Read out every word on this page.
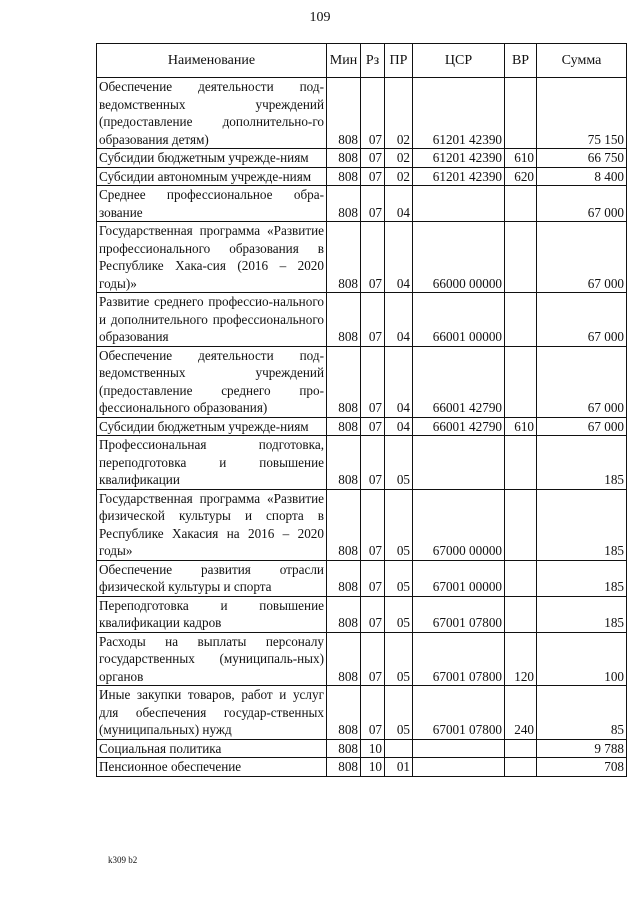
109
Наименование	Мин	Рз	ПР	ЦСР	ВР	Сумма
Обеспечение деятельности под-ведомственных учреждений (предоставление дополнительно-го образования детям)	808	07	02	61201 42390		75 150
Субсидии бюджетным учрежде-ниям	808	07	02	61201 42390	610	66 750
Субсидии автономным учрежде-ниям	808	07	02	61201 42390	620	8 400
Среднее профессиональное обра-зование	808	07	04			67 000
Государственная программа «Развитие профессионального образования в Республике Хака-сия (2016 – 2020 годы)»	808	07	04	66000 00000		67 000
Развитие среднего профессио-нального и дополнительного профессионального образования	808	07	04	66001 00000		67 000
Обеспечение деятельности под-ведомственных учреждений (предоставление среднего про-фессионального образования)	808	07	04	66001 42790		67 000
Субсидии бюджетным учрежде-ниям	808	07	04	66001 42790	610	67 000
Профессиональная подготовка, переподготовка и повышение квалификации	808	07	05			185
Государственная программа «Развитие физической культуры и спорта в Республике Хакасия на 2016 – 2020 годы»	808	07	05	67000 00000		185
Обеспечение развития отрасли физической культуры и спорта	808	07	05	67001 00000		185
Переподготовка и повышение квалификации кадров	808	07	05	67001 07800		185
Расходы на выплаты персоналу государственных (муниципаль-ных) органов	808	07	05	67001 07800	120	100
Иные закупки товаров, работ и услуг для обеспечения государ-ственных (муниципальных) нужд	808	07	05	67001 07800	240	85
Социальная политика	808	10				9 788
Пенсионное обеспечение	808	10	01			708
k309 b2
